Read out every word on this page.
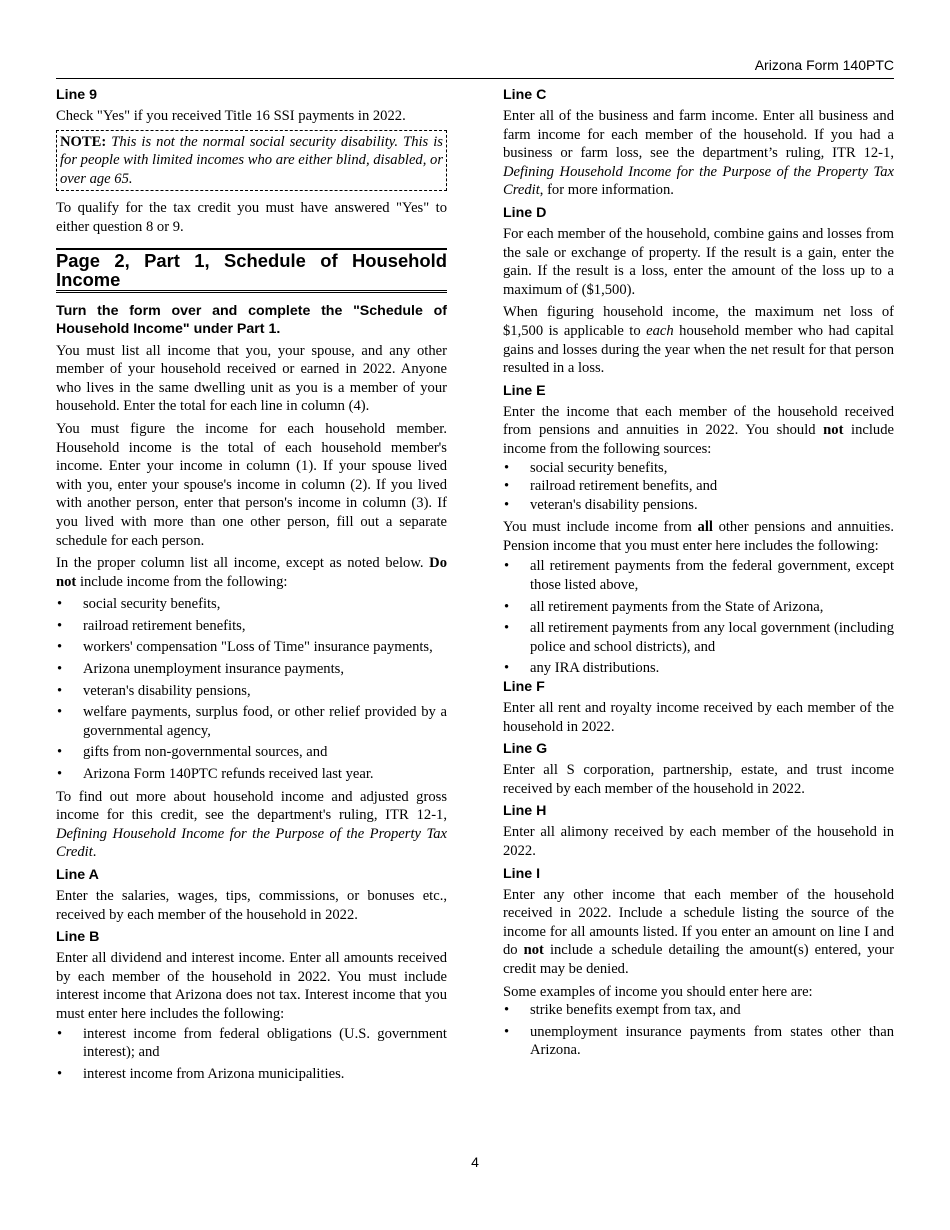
Arizona Form 140PTC
Line 9

Check "Yes" if you received Title 16 SSI payments in 2022.

NOTE: This is not the normal social security disability. This is for people with limited incomes who are either blind, disabled, or over age 65.

To qualify for the tax credit you must have answered "Yes" to either question 8 or 9.

Page 2, Part 1, Schedule of Household Income
Turn the form over and complete the "Schedule of Household Income" under Part 1.

You must list all income that you, your spouse, and any other member of your household received or earned in 2022. Anyone who lives in the same dwelling unit as you is a member of your household. Enter the total for each line in column (4).

You must figure the income for each household member. Household income is the total of each household member's income. Enter your income in column (1). If your spouse lived with you, enter your spouse's income in column (2). If you lived with another person, enter that person's income in column (3). If you lived with more than one other person, fill out a separate schedule for each person.

In the proper column list all income, except as noted below. Do not include income from the following:

• social security benefits,
• railroad retirement benefits,
• workers' compensation "Loss of Time" insurance payments,
• Arizona unemployment insurance payments,
• veteran's disability pensions,
• welfare payments, surplus food, or other relief provided by a governmental agency,
• gifts from non-governmental sources, and
• Arizona Form 140PTC refunds received last year.

To find out more about household income and adjusted gross income for this credit, see the department's ruling, ITR 12-1, Defining Household Income for the Purpose of the Property Tax Credit.

Line A

Enter the salaries, wages, tips, commissions, or bonuses etc., received by each member of the household in 2022.

Line B

Enter all dividend and interest income. Enter all amounts received by each member of the household in 2022. You must include interest income that Arizona does not tax. Interest income that you must enter here includes the following:

• interest income from federal obligations (U.S. government interest); and
• interest income from Arizona municipalities.
Line C

Enter all of the business and farm income. Enter all business and farm income for each member of the household. If you had a business or farm loss, see the department’s ruling, ITR 12-1, Defining Household Income for the Purpose of the Property Tax Credit, for more information.

Line D

For each member of the household, combine gains and losses from the sale or exchange of property. If the result is a gain, enter the gain. If the result is a loss, enter the amount of the loss up to a maximum of ($1,500).

When figuring household income, the maximum net loss of $1,500 is applicable to each household member who had capital gains and losses during the year when the net result for that person resulted in a loss.

Line E

Enter the income that each member of the household received from pensions and annuities in 2022. You should not include income from the following sources:

• social security benefits,
• railroad retirement benefits, and
• veteran's disability pensions.

You must include income from all other pensions and annuities. Pension income that you must enter here includes the following:

• all retirement payments from the federal government, except those listed above,
• all retirement payments from the State of Arizona,
• all retirement payments from any local government (including police and school districts), and
• any IRA distributions.
Line F

Enter all rent and royalty income received by each member of the household in 2022.

Line G

Enter all S corporation, partnership, estate, and trust income received by each member of the household in 2022.

Line H

Enter all alimony received by each member of the household in 2022.

Line I

Enter any other income that each member of the household received in 2022. Include a schedule listing the source of the income for all amounts listed. If you enter an amount on line I and do not include a schedule detailing the amount(s) entered, your credit may be denied.

Some examples of income you should enter here are:

• strike benefits exempt from tax, and
• unemployment insurance payments from states other than Arizona.
4
